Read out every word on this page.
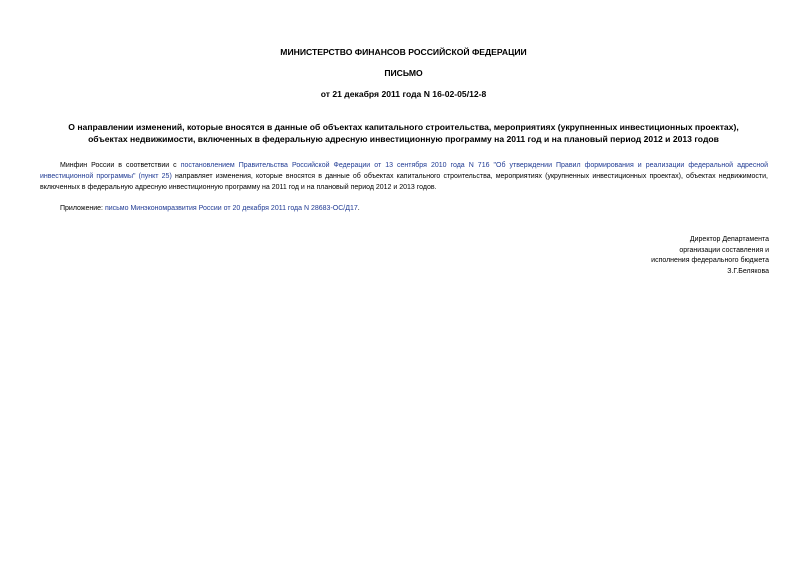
МИНИСТЕРСТВО ФИНАНСОВ РОССИЙСКОЙ ФЕДЕРАЦИИ
ПИСЬМО
от 21 декабря 2011 года N 16-02-05/12-8
О направлении изменений, которые вносятся в данные об объектах капитального строительства, мероприятиях (укрупненных инвестиционных проектах),
объектах недвижимости, включенных в федеральную адресную инвестиционную программу на 2011 год и на плановый период 2012 и 2013 годов
Минфин России в соответствии с постановлением Правительства Российской Федерации от 13 сентября 2010 года N 716 "Об утверждении Правил формирования и реализации федеральной адресной инвестиционной программы" (пункт 25) направляет изменения, которые вносятся в данные об объектах капитального строительства, мероприятиях (укрупненных инвестиционных проектах), объектах недвижимости, включенных в федеральную адресную инвестиционную программу на 2011 год и на плановый период 2012 и 2013 годов.
Приложение: письмо Минэкономразвития России от 20 декабря 2011 года N 28683-ОС/Д17.
Директор Департамента
организации составления и
исполнения федерального бюджета
З.Г.Белякова
